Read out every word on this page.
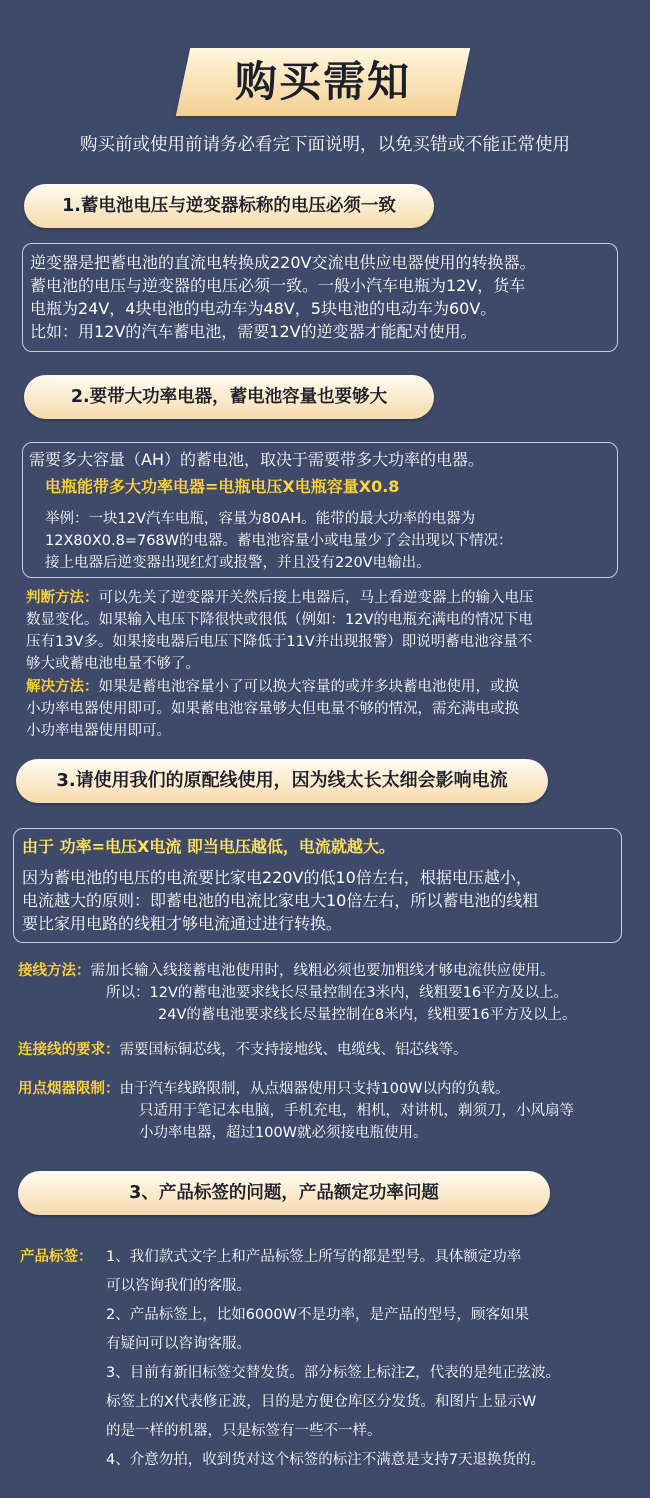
购买需知
购买前或使用前请务必看完下面说明，以免买错或不能正常使用
1.蓄电池电压与逆变器标称的电压必须一致
逆变器是把蓄电池的直流电转换成220V交流电供应电器使用的转换器。
蓄电池的电压与逆变器的电压必须一致。一般小汽车电瓶为12V，货车
电瓶为24V，4块电池的电动车为48V，5块电池的电动车为60V。
比如：用12V的汽车蓄电池，需要12V的逆变器才能配对使用。
2.要带大功率电器，蓄电池容量也要够大
需要多大容量（AH）的蓄电池，取决于需要带多大功率的电器。
电瓶能带多大功率电器=电瓶电压X电瓶容量X0.8
举例：一块12V汽车电瓶，容量为80AH。能带的最大功率的电器为
12X80X0.8=768W的电器。蓄电池容量小或电量少了会出现以下情况：
接上电器后逆变器出现红灯或报警，并且没有220V电输出。
判断方法：可以先关了逆变器开关然后接上电器后，马上看逆变器上的输入电压
数显变化。如果输入电压下降很快或很低（例如：12V的电瓶充满电的情况下电
压有13V多。如果接电器后电压下降低于11V并出现报警）即说明蓄电池容量不
够大或蓄电池电量不够了。
解决方法：如果是蓄电池容量小了可以换大容量的或并多块蓄电池使用，或换
小功率电器使用即可。如果蓄电池容量够大但电量不够的情况，需充满电或换
小功率电器使用即可。
3.请使用我们的原配线使用，因为线太长太细会影响电流
由于 功率=电压X电流 即当电压越低，电流就越大。
因为蓄电池的电压的电流要比家电220V的低10倍左右，根据电压越小，
电流越大的原则：即蓄电池的电流比家电大10倍左右，所以蓄电池的线粗
要比家用电路的线粗才够电流通过进行转换。
接线方法：需加长输入线接蓄电池使用时，线粗必须也要加粗线才够电流供应使用。
所以：12V的蓄电池要求线长尽量控制在3米内，线粗要16平方及以上。
24V的蓄电池要求线长尽量控制在8米内，线粗要16平方及以上。
连接线的要求：需要国标铜芯线，不支持接地线、电缆线、铝芯线等。
用点烟器限制：由于汽车线路限制，从点烟器使用只支持100W以内的负载。
只适用于笔记本电脑，手机充电，相机，对讲机，剃须刀，小风扇等
小功率电器，超过100W就必须接电瓶使用。
3、产品标签的问题，产品额定功率问题
产品标签： 1、我们款式文字上和产品标签上所写的都是型号。具体额定功率
可以咨询我们的客服。
2、产品标签上，比如6000W不是功率，是产品的型号，顾客如果
有疑问可以咨询客服。
3、目前有新旧标签交替发货。部分标签上标注Z，代表的是纯正弦波。
标签上的X代表修正波，目的是方便仓库区分发货。和图片上显示W
的是一样的机器，只是标签有一些不一样。
4、介意勿拍，收到货对这个标签的标注不满意是支持7天退换货的。
